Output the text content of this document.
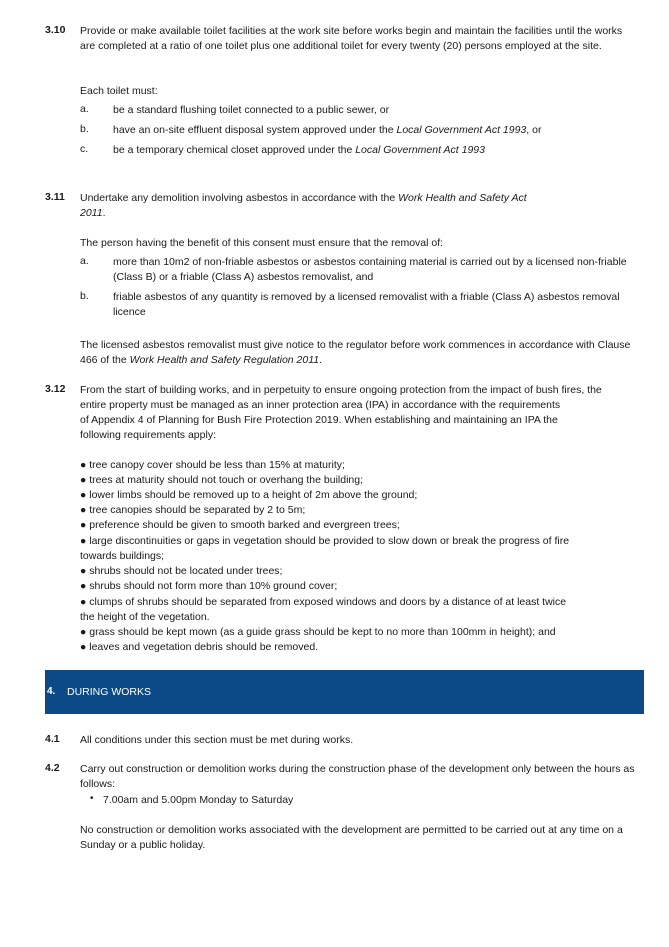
3.10 Provide or make available toilet facilities at the work site before works begin and maintain the facilities until the works are completed at a ratio of one toilet plus one additional toilet for every twenty (20) persons employed at the site.
Each toilet must:
a. be a standard flushing toilet connected to a public sewer, or
b. have an on-site effluent disposal system approved under the Local Government Act 1993, or
c. be a temporary chemical closet approved under the Local Government Act 1993
3.11 Undertake any demolition involving asbestos in accordance with the Work Health and Safety Act
2011.
The person having the benefit of this consent must ensure that the removal of:
a. more than 10m2 of non-friable asbestos or asbestos containing material is carried out by a licensed non-friable (Class B) or a friable (Class A) asbestos removalist, and
b. friable asbestos of any quantity is removed by a licensed removalist with a friable (Class A) asbestos removal licence
The licensed asbestos removalist must give notice to the regulator before work commences in accordance with Clause 466 of the Work Health and Safety Regulation 2011.
3.12 From the start of building works, and in perpetuity to ensure ongoing protection from the impact of bush fires, the
entire property must be managed as an inner protection area (IPA) in accordance with the requirements
of Appendix 4 of Planning for Bush Fire Protection 2019. When establishing and maintaining an IPA the
following requirements apply:
● tree canopy cover should be less than 15% at maturity;
● trees at maturity should not touch or overhang the building;
● lower limbs should be removed up to a height of 2m above the ground;
● tree canopies should be separated by 2 to 5m;
● preference should be given to smooth barked and evergreen trees;
● large discontinuities or gaps in vegetation should be provided to slow down or break the progress of fire
towards buildings;
● shrubs should not be located under trees;
● shrubs should not form more than 10% ground cover;
● clumps of shrubs should be separated from exposed windows and doors by a distance of at least twice
the height of the vegetation.
● grass should be kept mown (as a guide grass should be kept to no more than 100mm in height); and
● leaves and vegetation debris should be removed.
4. DURING WORKS
4.1 All conditions under this section must be met during works.
4.2 Carry out construction or demolition works during the construction phase of the development only between the hours as follows:
• 7.00am and 5.00pm Monday to Saturday
No construction or demolition works associated with the development are permitted to be carried out at any time on a Sunday or a public holiday.
